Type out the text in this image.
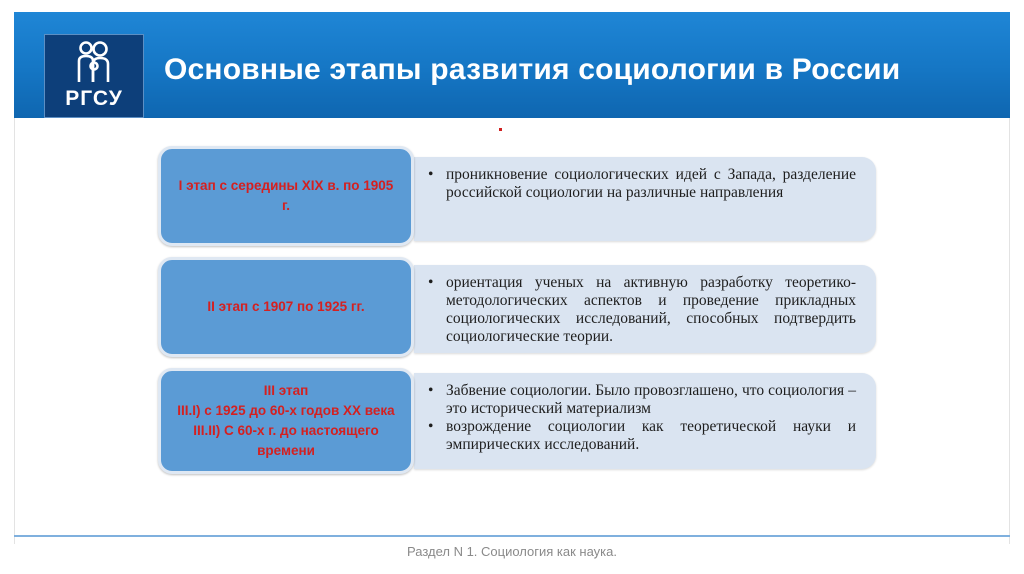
РГСУ
Основные этапы развития социологии в России
• проникновение социологических идей с Запада, разделение российской социологии на различные направления
I этап с середины XIX в. по 1905
г.
• ориентация ученых на активную разработку теоретико-методологических аспектов и проведение прикладных социологических исследований, способных подтвердить социологические теории.
II этап с 1907 по 1925 гг.
• Забвение социологии. Было провозглашено, что социология – это исторический материализм
• возрождение социологии как теоретической науки и эмпирических исследований.
III этап
III.I) с 1925 до 60-х годов XX века
III.II) С 60-х г. до настоящего времени
Раздел N 1. Социология как наука.
